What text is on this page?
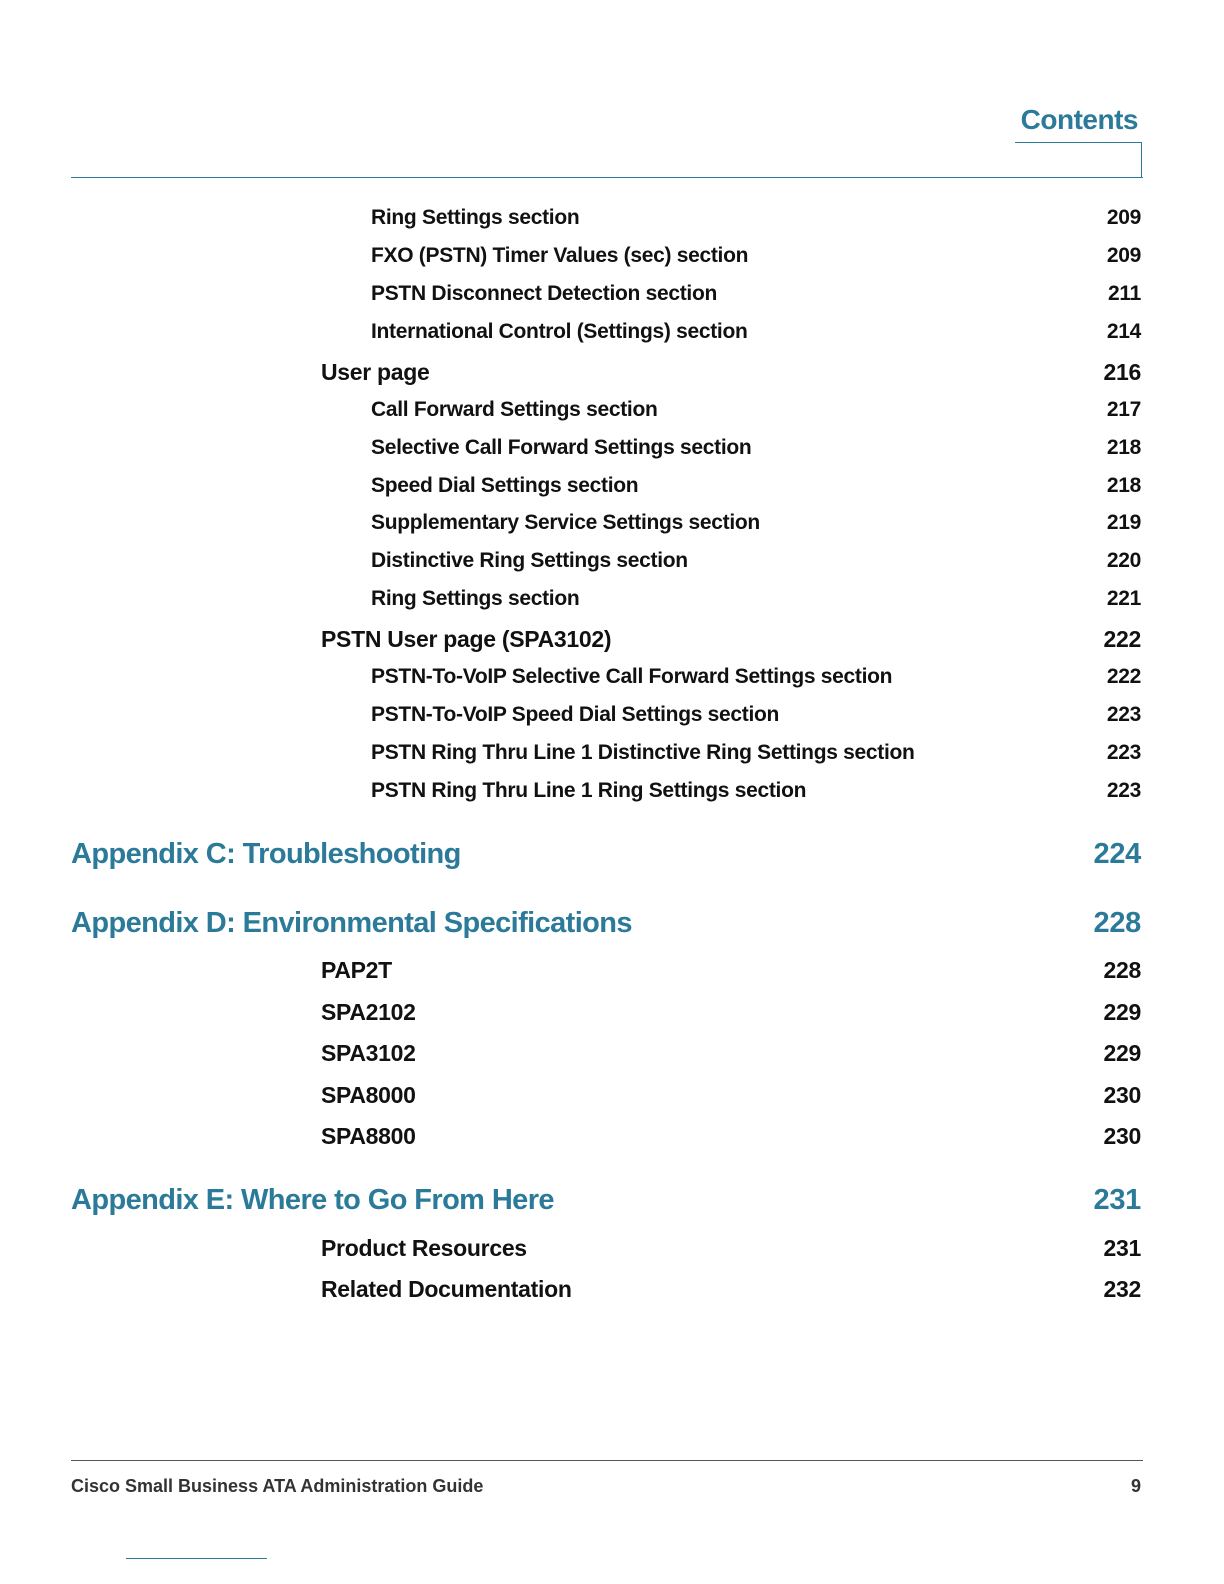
Contents
Ring Settings section	209
FXO (PSTN) Timer Values (sec) section	209
PSTN Disconnect Detection section	211
International Control (Settings) section	214
User page	216
Call Forward Settings section	217
Selective Call Forward Settings section	218
Speed Dial Settings section	218
Supplementary Service Settings section	219
Distinctive Ring Settings section	220
Ring Settings section	221
PSTN User page (SPA3102)	222
PSTN-To-VoIP Selective Call Forward Settings section	222
PSTN-To-VoIP Speed Dial Settings section	223
PSTN Ring Thru Line 1 Distinctive Ring Settings section	223
PSTN Ring Thru Line 1 Ring Settings section	223
Appendix C: Troubleshooting	224
Appendix D: Environmental Specifications	228
PAP2T	228
SPA2102	229
SPA3102	229
SPA8000	230
SPA8800	230
Appendix E: Where to Go From Here	231
Product Resources	231
Related Documentation	232
Cisco Small Business ATA Administration Guide	9
